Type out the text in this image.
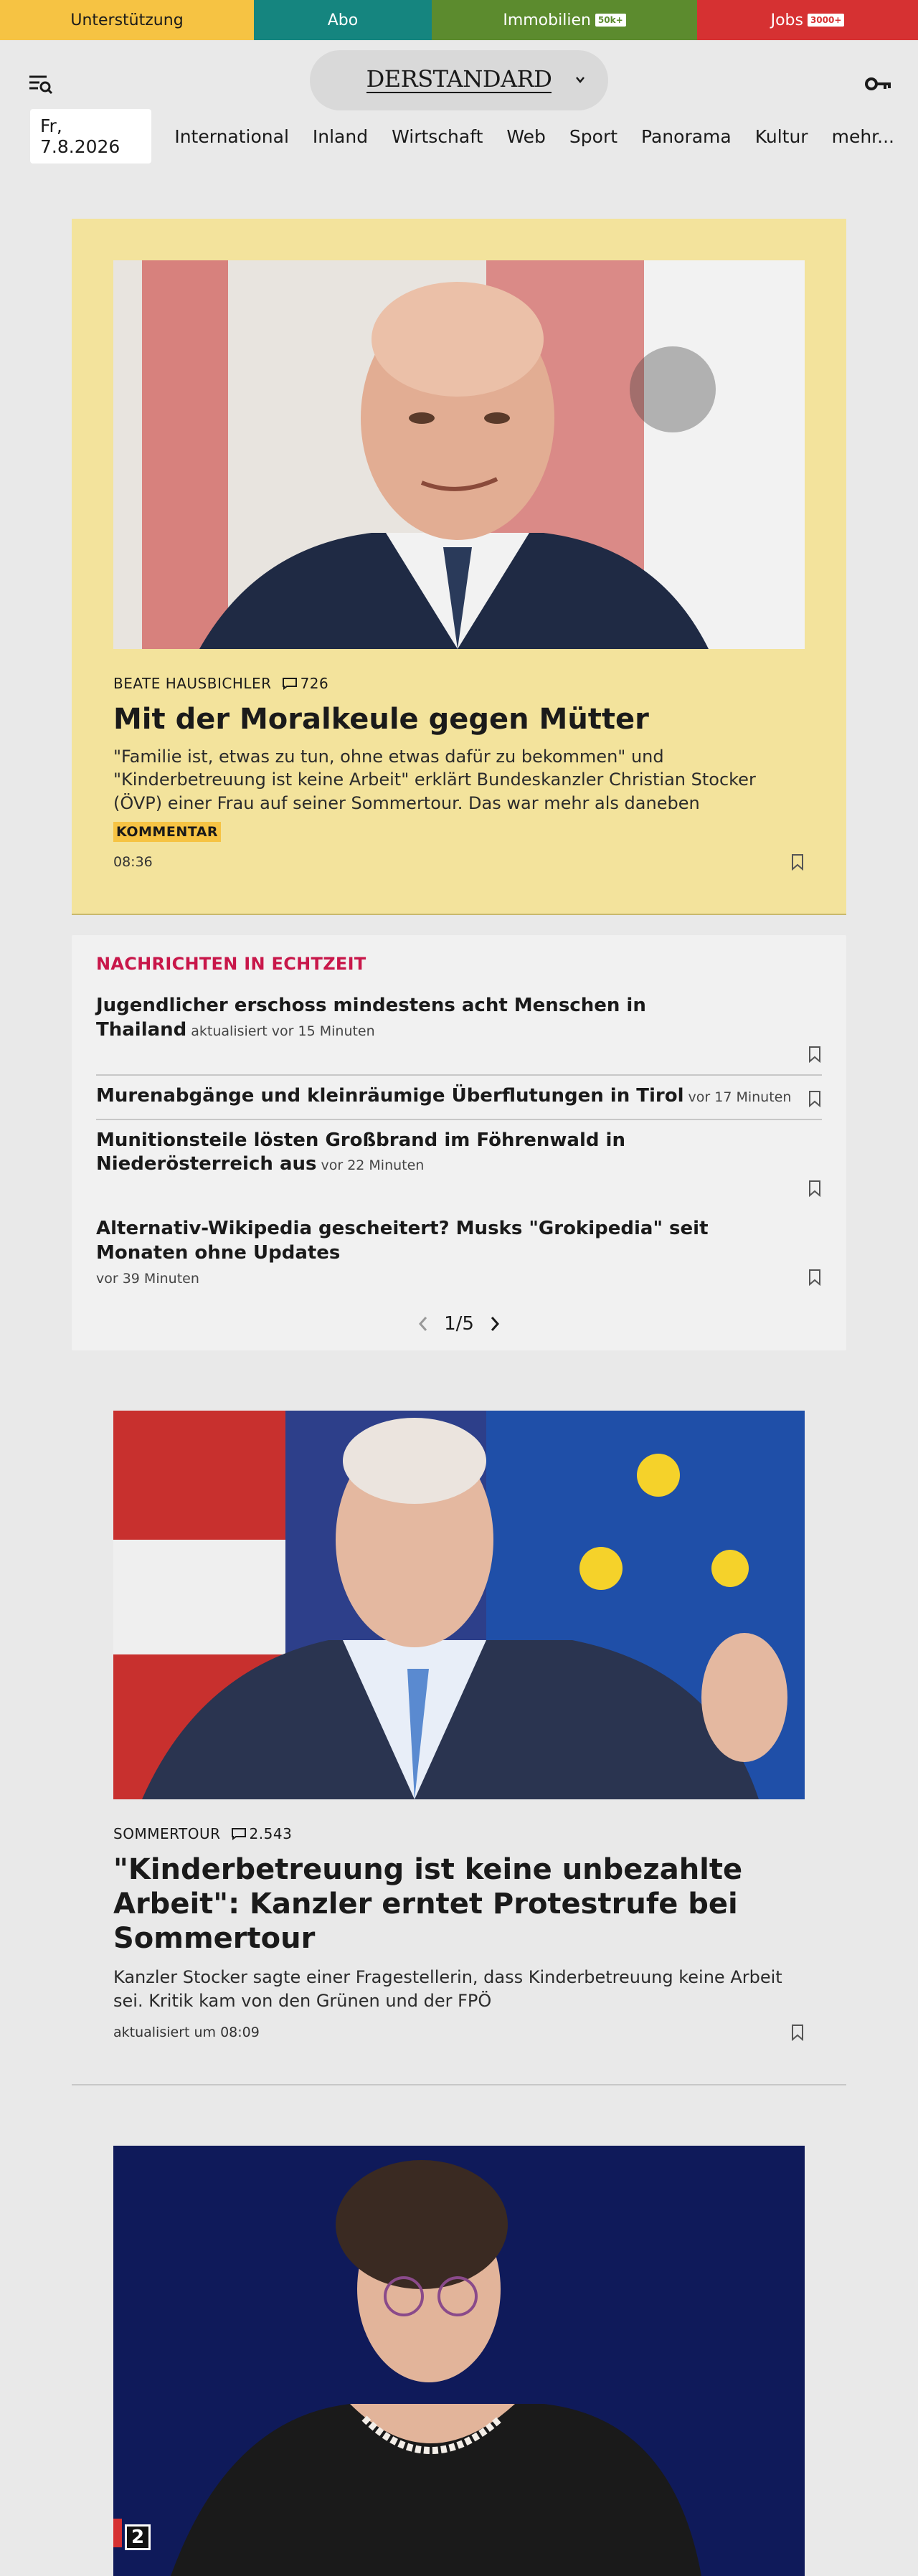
Unterstützung	Abo	Immobilien 50k+	Jobs 3000+
DERSTANDARD
Fr, 7.8.2026	International Inland Wirtschaft Web Sport Panorama Kultur mehr...
BEATE HAUSBICHLER 726
Mit der Moralkeule gegen Mütter

"Familie ist, etwas zu tun, ohne etwas dafür zu bekommen" und "Kinderbetreuung ist keine Arbeit" erklärt Bundeskanzler Christian Stocker (ÖVP) einer Frau auf seiner Sommertour. Das war mehr als daneben

KOMMENTAR
08:36
NACHRICHTEN IN ECHTZEIT
Jugendlicher erschoss mindestens acht Menschen in Thailand aktualisiert vor 15 Minuten
Murenabgänge und kleinräumige Überflutungen in Tirol vor 17 Minuten
Munitionsteile lösten Großbrand im Föhrenwald in Niederösterreich aus vor 22 Minuten
Alternativ-Wikipedia gescheitert? Musks "Grokipedia" seit Monaten ohne Updates
vor 39 Minuten
1/5
SOMMERTOUR 2.543
"Kinderbetreuung ist keine unbezahlte Arbeit": Kanzler erntet Protestrufe bei Sommertour

Kanzler Stocker sagte einer Fragestellerin, dass Kinderbetreuung keine Arbeit sei. Kritik kam von den Grünen und der FPÖ

aktualisiert um 08:09
2
